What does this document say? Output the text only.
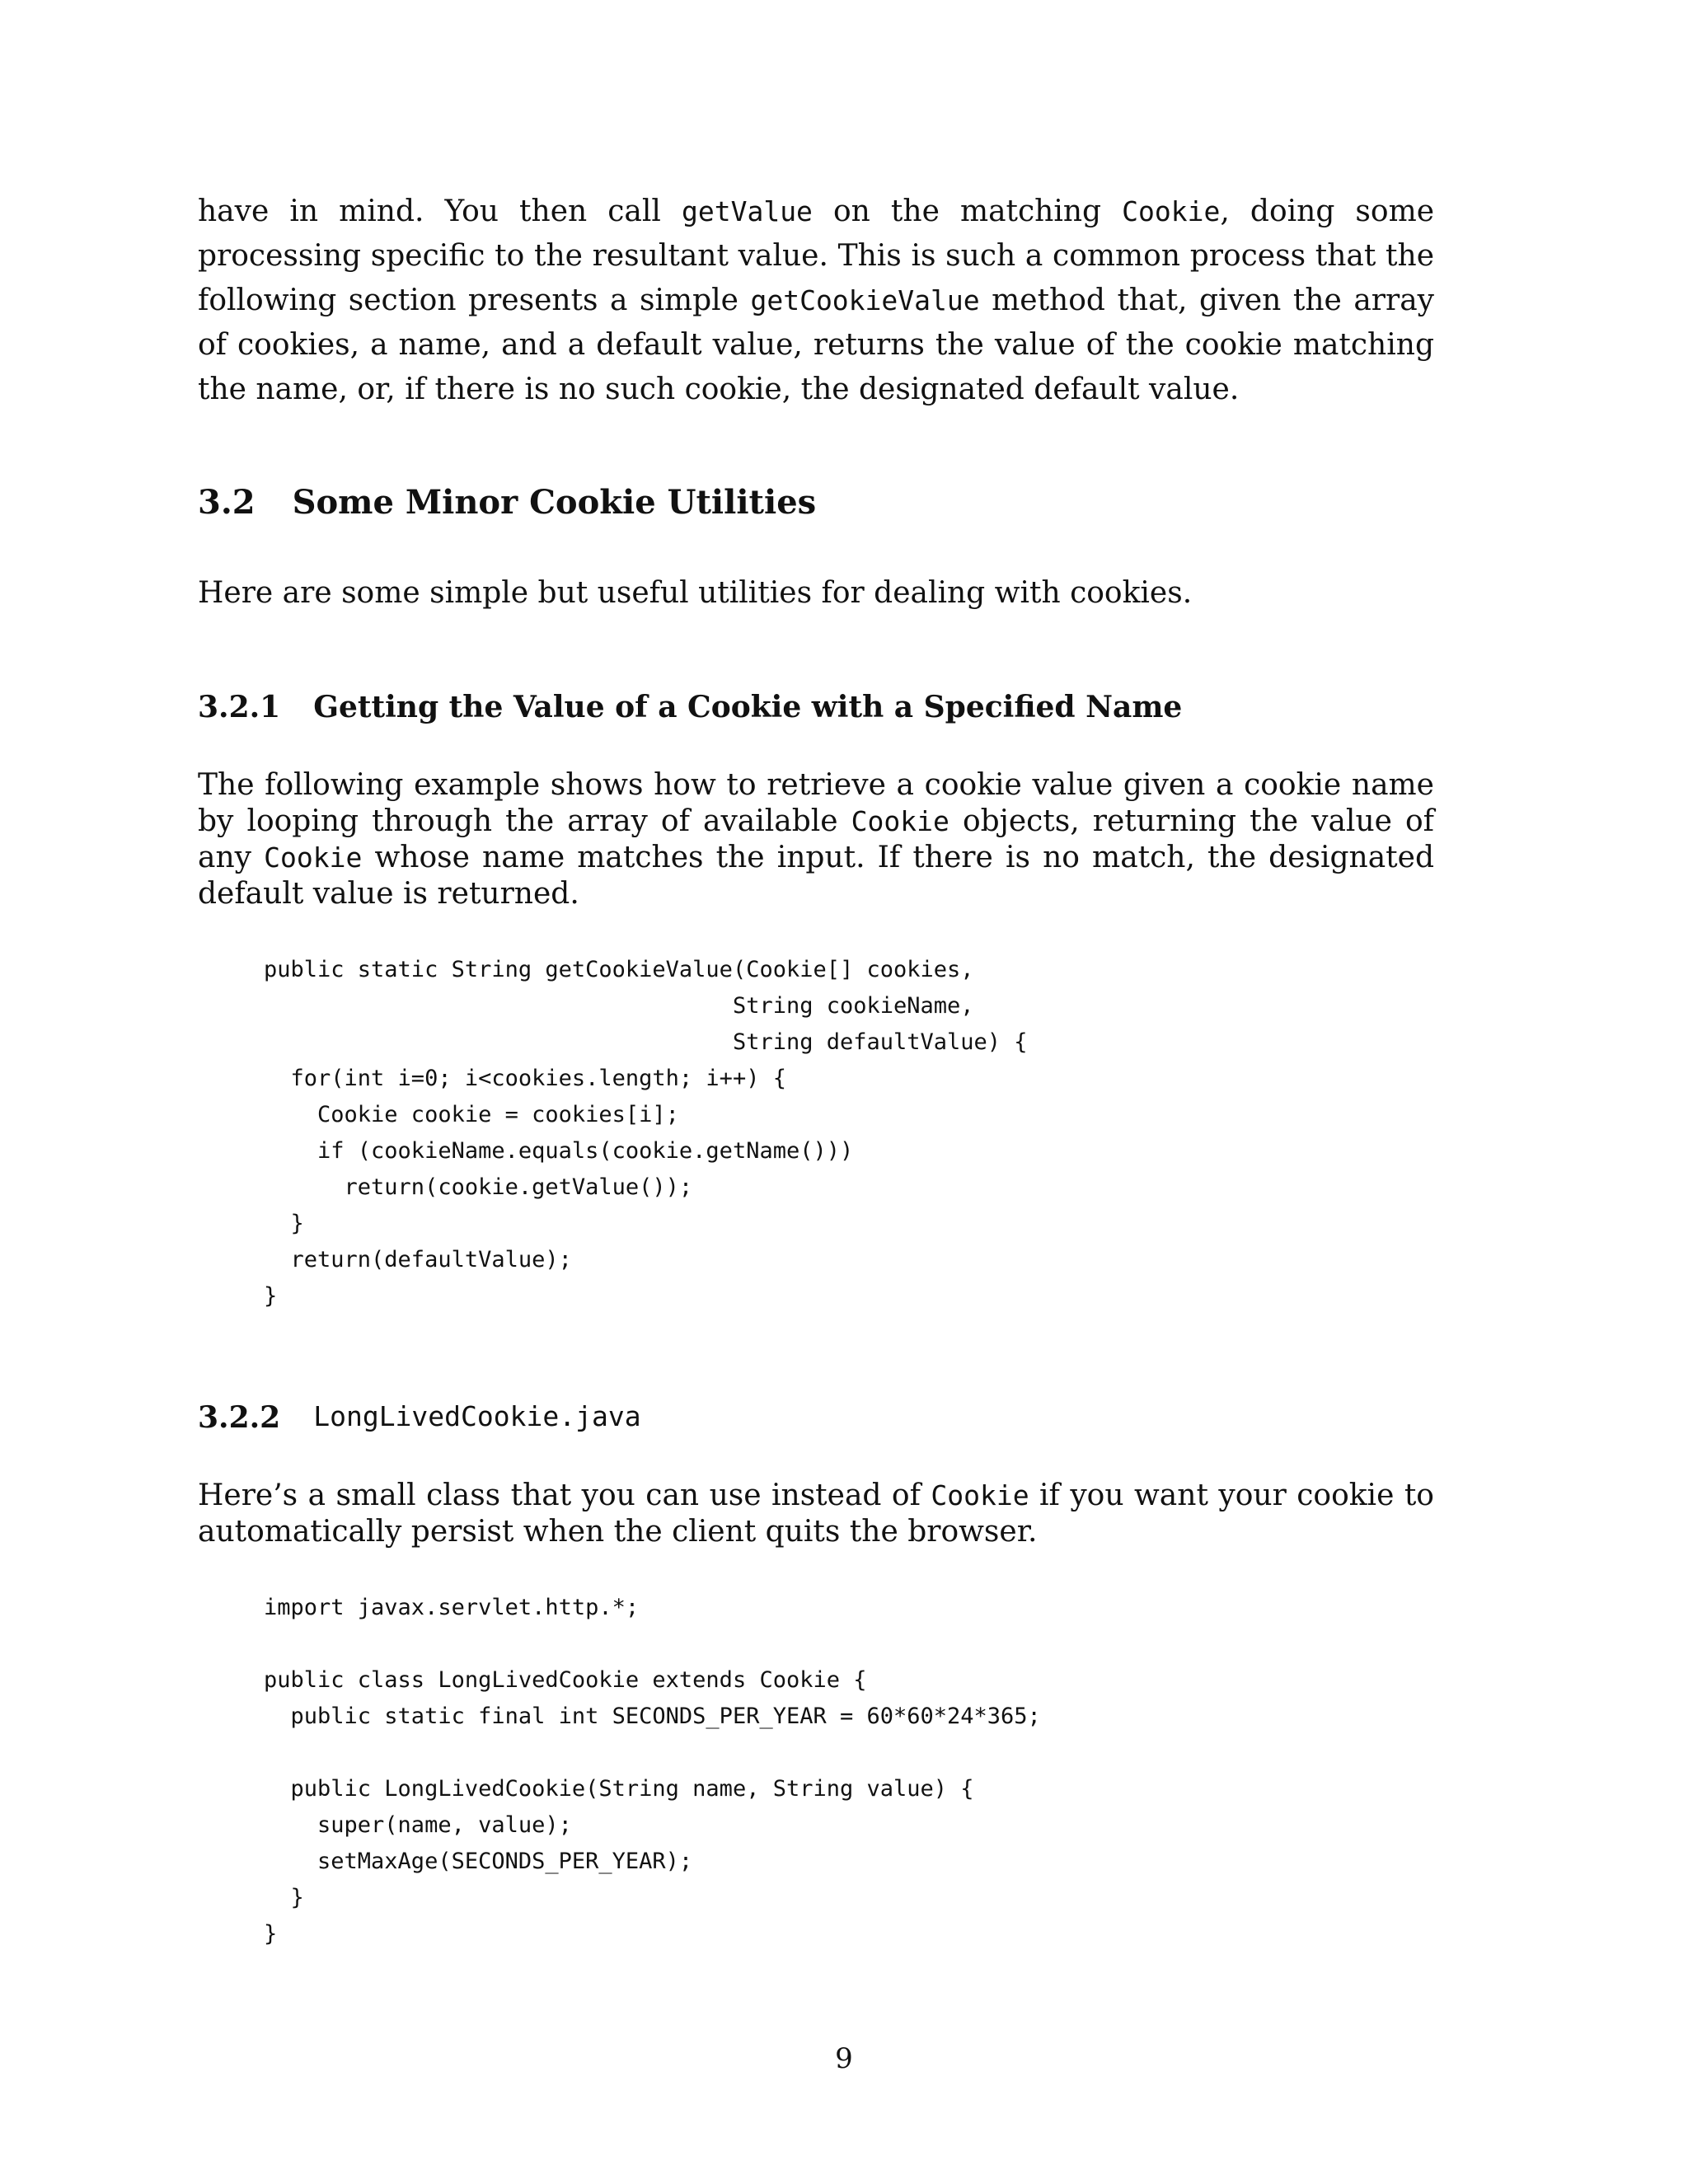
have in mind. You then call getValue on the matching Cookie, doing some processing specific to the resultant value. This is such a common process that the following section presents a simple getCookieValue method that, given the array of cookies, a name, and a default value, returns the value of the cookie matching the name, or, if there is no such cookie, the designated default value.

3.2 Some Minor Cookie Utilities

Here are some simple but useful utilities for dealing with cookies.

3.2.1 Getting the Value of a Cookie with a Specified Name

The following example shows how to retrieve a cookie value given a cookie name by looping through the array of available Cookie objects, returning the value of any Cookie whose name matches the input. If there is no match, the designated default value is returned.

public static String getCookieValue(Cookie[] cookies,
String cookieName,
String defaultValue) {
for(int i=0; i<cookies.length; i++) {
Cookie cookie = cookies[i];
if (cookieName.equals(cookie.getName()))
return(cookie.getValue());
}
return(defaultValue);
}
3.2.2 LongLivedCookie.java

Here’s a small class that you can use instead of Cookie if you want your cookie to automatically persist when the client quits the browser.

import javax.servlet.http.*;

public class LongLivedCookie extends Cookie {
public static final int SECONDS_PER_YEAR = 60*60*24*365;

public LongLivedCookie(String name, String value) {
super(name, value);
setMaxAge(SECONDS_PER_YEAR);
}
}
9
